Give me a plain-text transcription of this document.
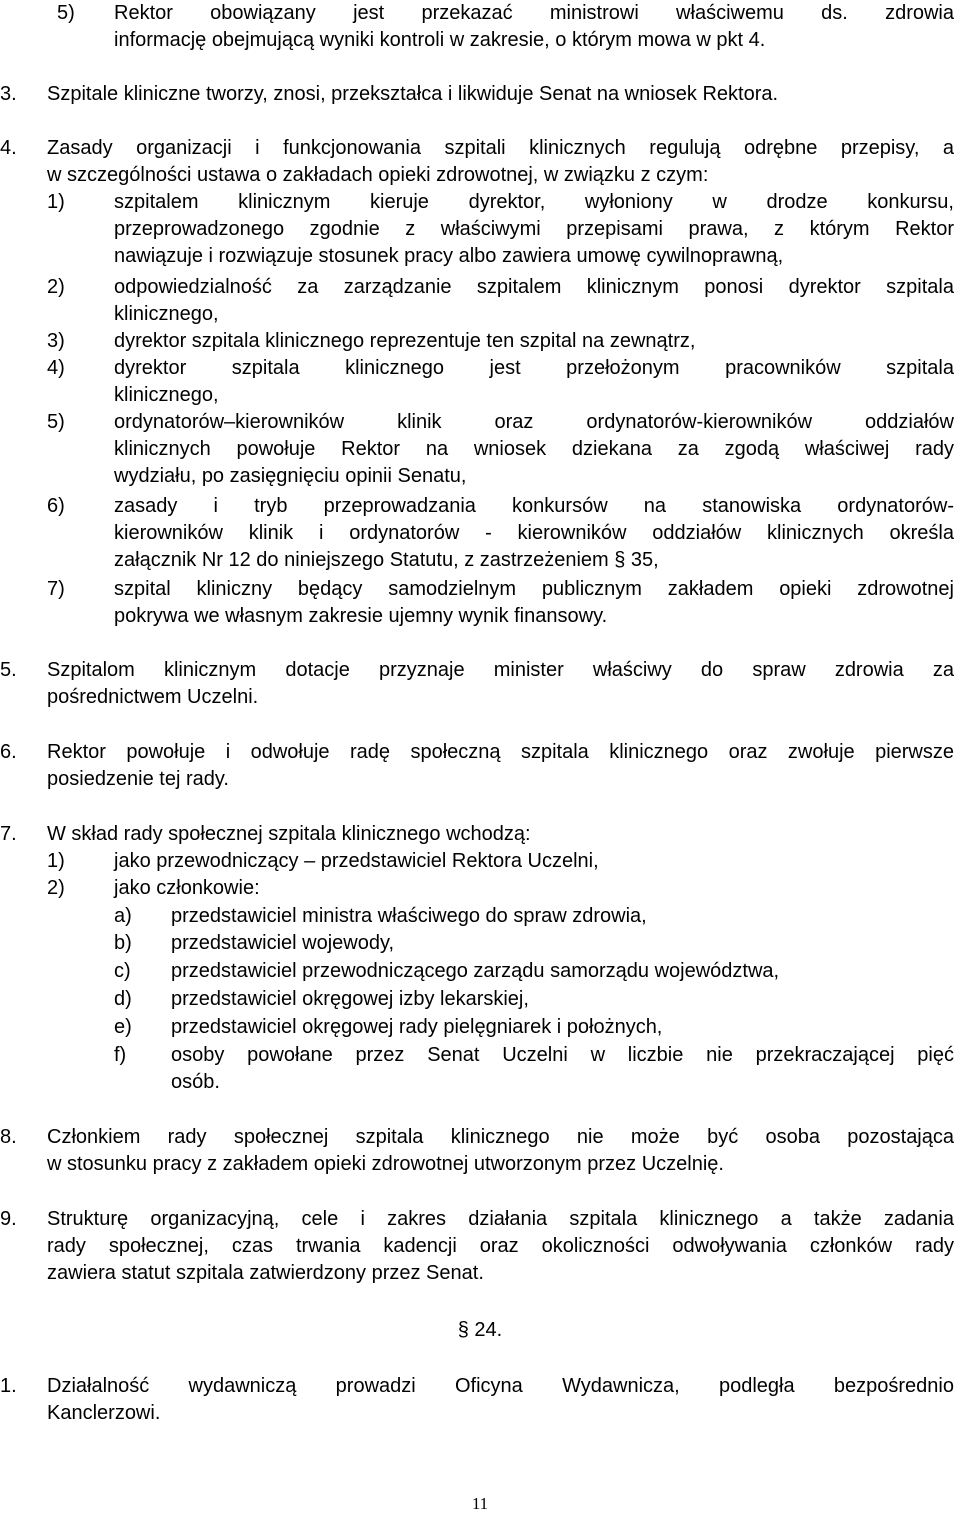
5) Rektor obowiązany jest przekazać ministrowi właściwemu ds. zdrowia
informację obejmującą wyniki kontroli w zakresie, o którym mowa w pkt 4.
3. Szpitale kliniczne tworzy, znosi, przekształca i likwiduje Senat na wniosek Rektora.
4. Zasady organizacji i funkcjonowania szpitali klinicznych regulują odrębne przepisy, a
w szczególności ustawa o zakładach opieki zdrowotnej, w związku z czym:
1) szpitalem klinicznym kieruje dyrektor, wyłoniony w drodze konkursu,
przeprowadzonego zgodnie z właściwymi przepisami prawa, z którym Rektor
nawiązuje i rozwiązuje stosunek pracy albo zawiera umowę cywilnoprawną,
2) odpowiedzialność za zarządzanie szpitalem klinicznym ponosi dyrektor szpitala
klinicznego,
3) dyrektor szpitala klinicznego reprezentuje ten szpital na zewnątrz,
4) dyrektor szpitala klinicznego jest przełożonym pracowników szpitala
klinicznego,
5) ordynatorów–kierowników klinik oraz ordynatorów-kierowników oddziałów
klinicznych powołuje Rektor na wniosek dziekana za zgodą właściwej rady
wydziału, po zasięgnięciu opinii Senatu,
6) zasady i tryb przeprowadzania konkursów na stanowiska ordynatorów-
kierowników klinik i ordynatorów - kierowników oddziałów klinicznych określa
załącznik Nr 12 do niniejszego Statutu, z zastrzeżeniem § 35,
7) szpital kliniczny będący samodzielnym publicznym zakładem opieki zdrowotnej
pokrywa we własnym zakresie ujemny wynik finansowy.
5. Szpitalom klinicznym dotacje przyznaje minister właściwy do spraw zdrowia za
pośrednictwem Uczelni.
6. Rektor powołuje i odwołuje radę społeczną szpitala klinicznego oraz zwołuje pierwsze
posiedzenie tej rady.
7. W skład rady społecznej szpitala klinicznego wchodzą:
1) jako przewodniczący – przedstawiciel Rektora Uczelni,
2) jako członkowie:
a) przedstawiciel ministra właściwego do spraw zdrowia,
b) przedstawiciel wojewody,
c) przedstawiciel przewodniczącego zarządu samorządu województwa,
d) przedstawiciel okręgowej izby lekarskiej,
e) przedstawiciel okręgowej rady pielęgniarek i położnych,
f) osoby powołane przez Senat Uczelni w liczbie nie przekraczającej pięć
osób.
8. Członkiem rady społecznej szpitala klinicznego nie może być osoba pozostająca
w stosunku pracy z zakładem opieki zdrowotnej utworzonym przez Uczelnię.
9. Strukturę organizacyjną, cele i zakres działania szpitala klinicznego a także zadania
rady społecznej, czas trwania kadencji oraz okoliczności odwoływania członków rady
zawiera statut szpitala zatwierdzony przez Senat.
§ 24.
1. Działalność wydawniczą prowadzi Oficyna Wydawnicza, podległa bezpośrednio
Kanclerzowi.
11
